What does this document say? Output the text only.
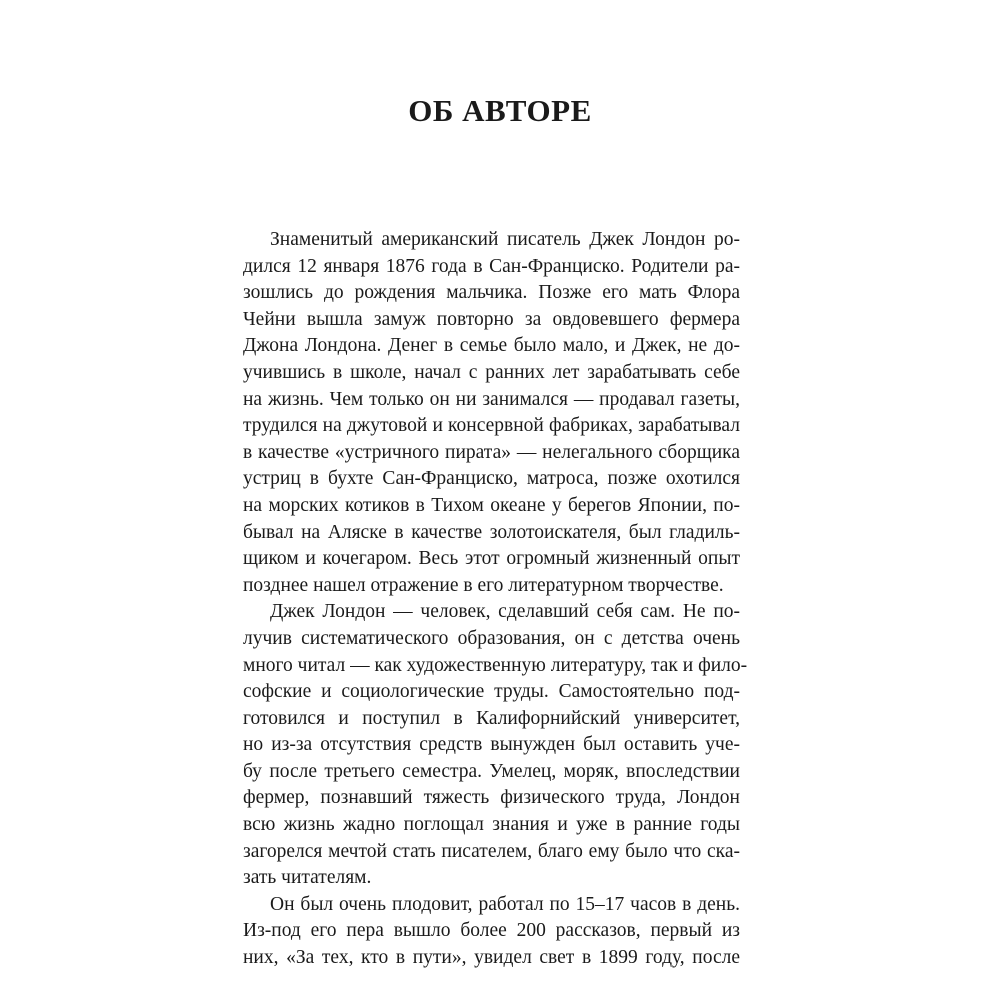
ОБ АВТОРЕ
Знаменитый американский писатель Джек Лондон ро-
дился 12 января 1876 года в Сан-Франциско. Родители ра-
зошлись до рождения мальчика. Позже его мать Флора
Чейни вышла замуж повторно за овдовевшего фермера
Джона Лондона. Денег в семье было мало, и Джек, не до-
учившись в школе, начал с ранних лет зарабатывать себе
на жизнь. Чем только он ни занимался — продавал газеты,
трудился на джутовой и консервной фабриках, зарабатывал
в качестве «устричного пирата» — нелегального сборщика
устриц в бухте Сан-Франциско, матроса, позже охотился
на морских котиков в Тихом океане у берегов Японии, по-
бывал на Аляске в качестве золотоискателя, был гладиль-
щиком и кочегаром. Весь этот огромный жизненный опыт
позднее нашел отражение в его литературном творчестве.
Джек Лондон — человек, сделавший себя сам. Не по-
лучив систематического образования, он с детства очень
много читал — как художественную литературу, так и фило-
софские и социологические труды. Самостоятельно под-
готовился и поступил в Калифорнийский университет,
но из-за отсутствия средств вынужден был оставить уче-
бу после третьего семестра. Умелец, моряк, впоследствии
фермер, познавший тяжесть физического труда, Лондон
всю жизнь жадно поглощал знания и уже в ранние годы
загорелся мечтой стать писателем, благо ему было что ска-
зать читателям.
Он был очень плодовит, работал по 15–17 часов в день.
Из-под его пера вышло более 200 рассказов, первый из
них, «За тех, кто в пути», увидел свет в 1899 году, после
